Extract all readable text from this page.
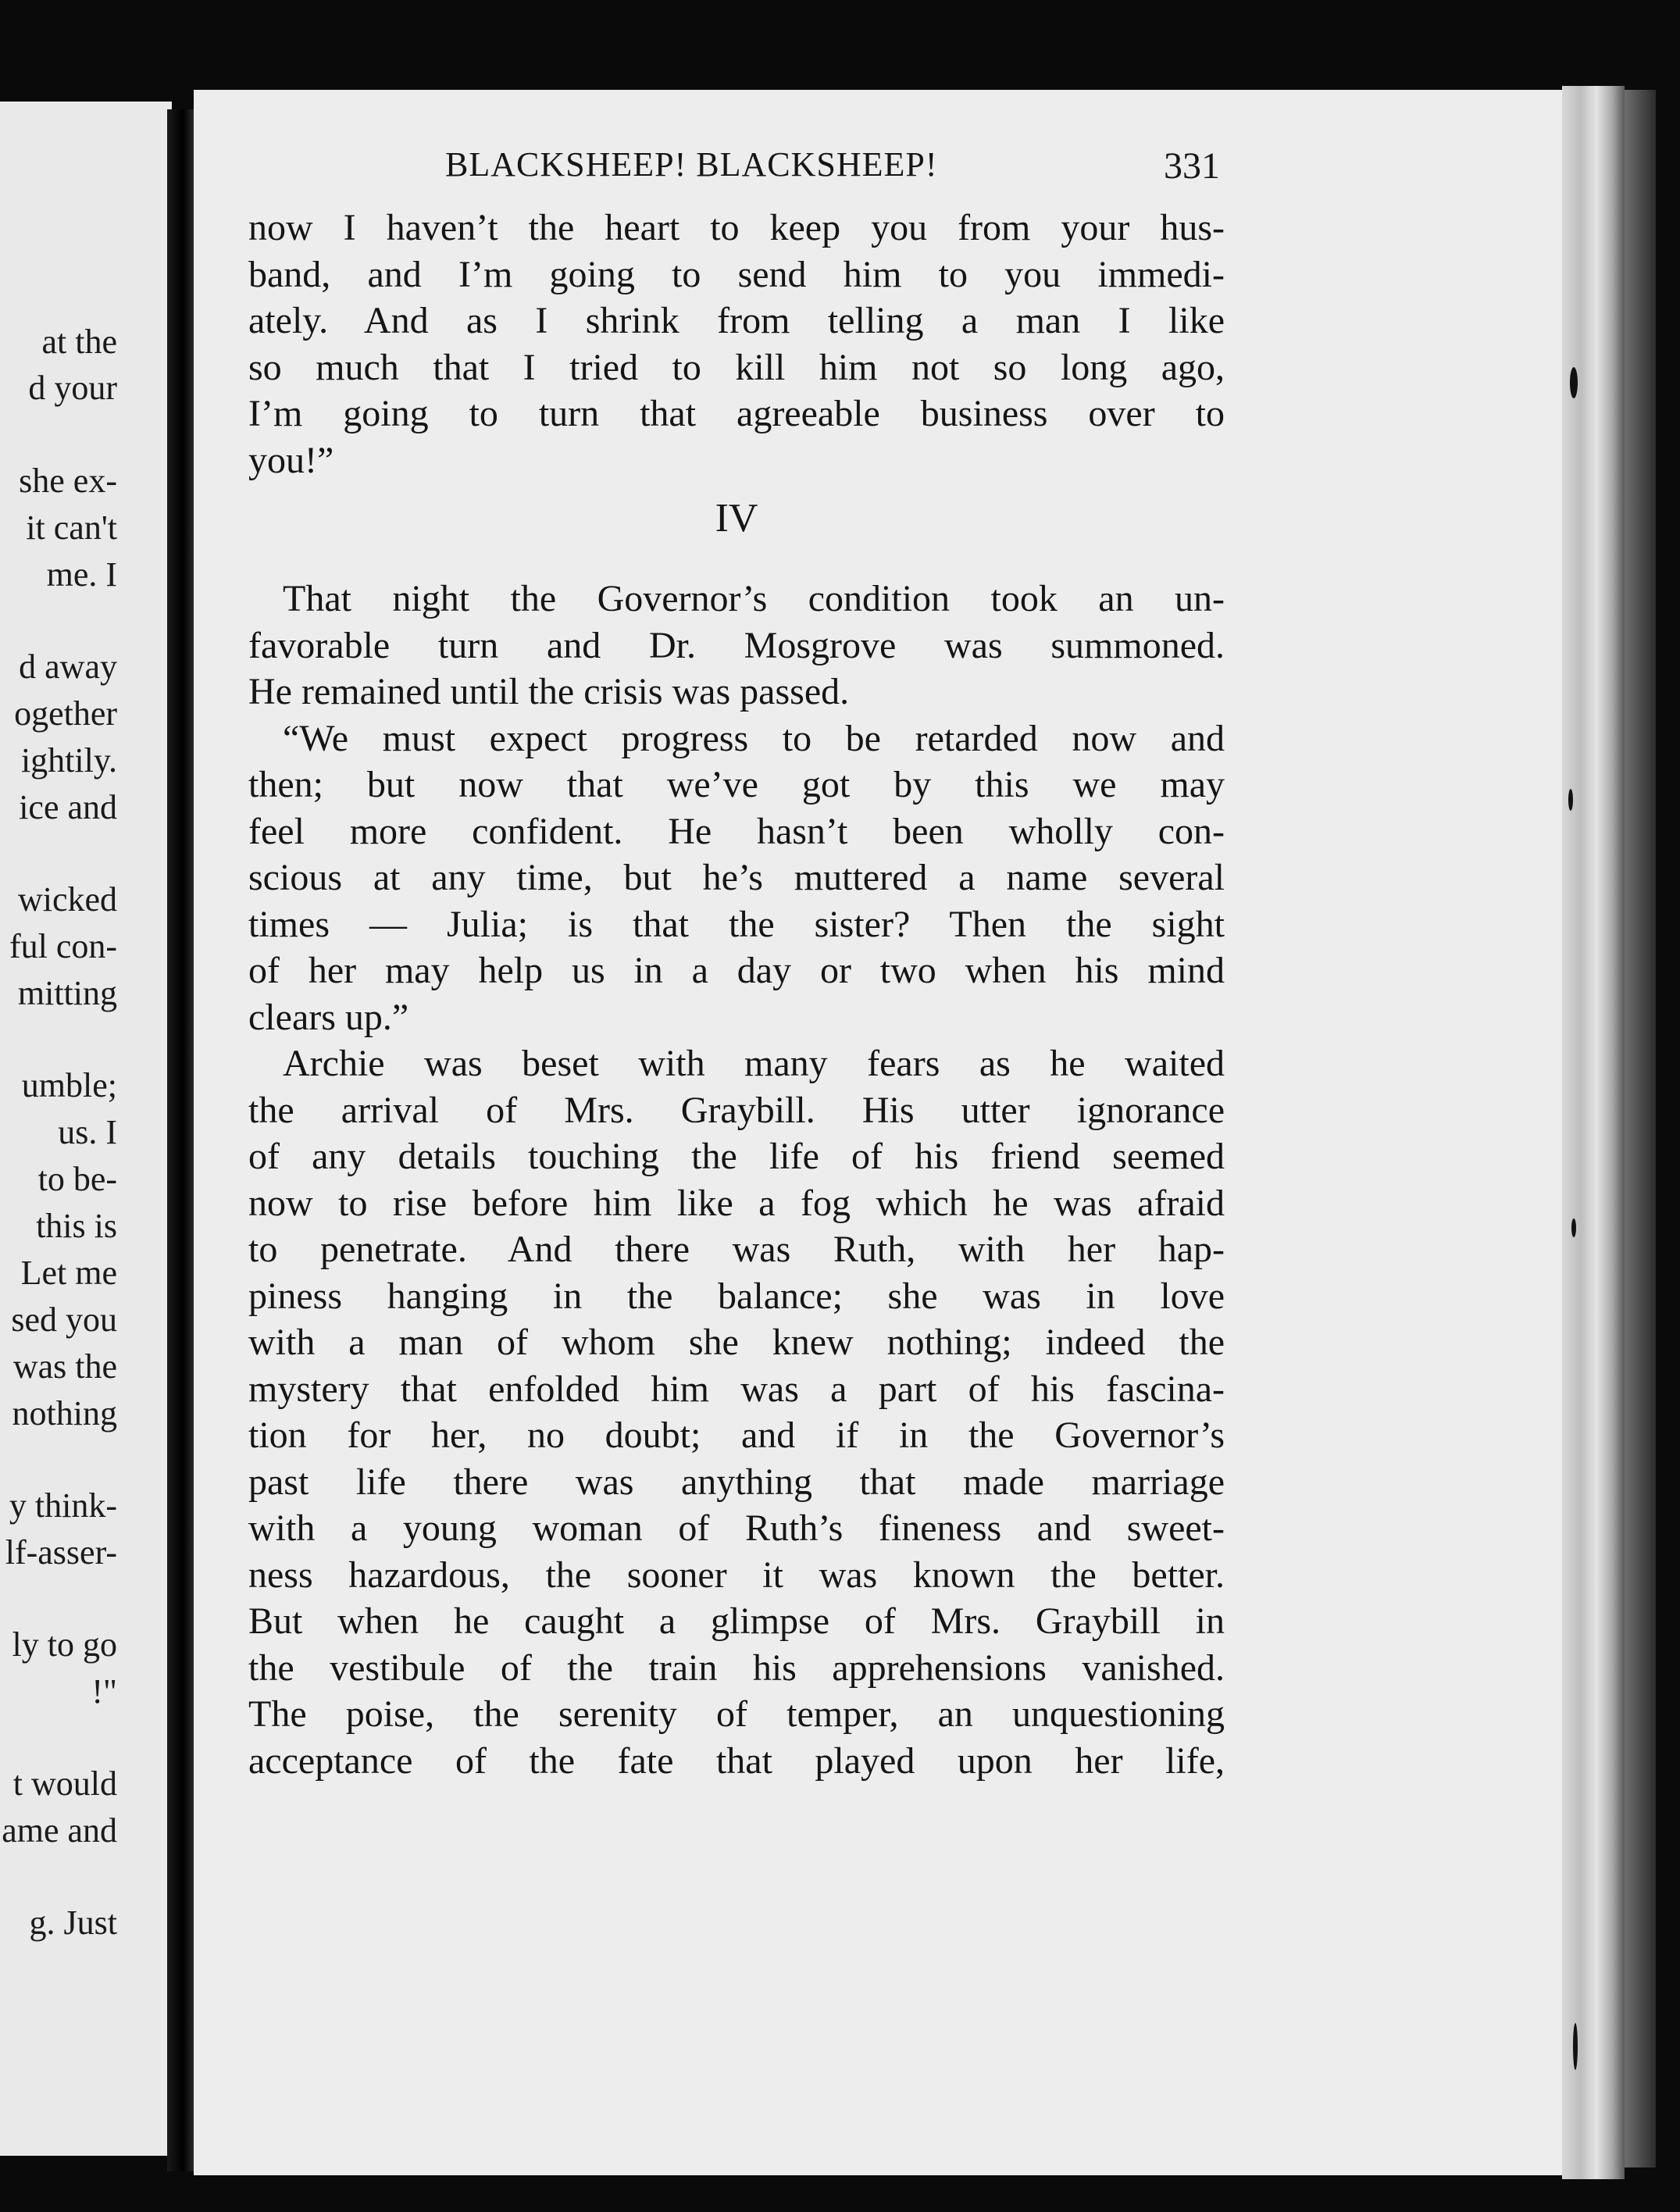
at the
d your
she ex-
it can't
me. I
d away
ogether
ightily.
ice and
wicked
ful con-
mitting
umble;
us. I
to be-
this is
Let me
sed you
was the
nothing
y think-
lf-asser-
ly to go
!"
t would
ame and
g. Just
BLACKSHEEP! BLACKSHEEP!	331
now I haven’t the heart to keep you from your hus-
band, and I’m going to send him to you immedi-
ately. And as I shrink from telling a man I like
so much that I tried to kill him not so long ago,
I’m going to turn that agreeable business over to
you!”
IV
That night the Governor’s condition took an un-
favorable turn and Dr. Mosgrove was summoned.
He remained until the crisis was passed.
“We must expect progress to be retarded now and
then; but now that we’ve got by this we may
feel more confident. He hasn’t been wholly con-
scious at any time, but he’s muttered a name several
times — Julia; is that the sister? Then the sight
of her may help us in a day or two when his mind
clears up.”
Archie was beset with many fears as he waited
the arrival of Mrs. Graybill. His utter ignorance
of any details touching the life of his friend seemed
now to rise before him like a fog which he was afraid
to penetrate. And there was Ruth, with her hap-
piness hanging in the balance; she was in love
with a man of whom she knew nothing; indeed the
mystery that enfolded him was a part of his fascina-
tion for her, no doubt; and if in the Governor’s
past life there was anything that made marriage
with a young woman of Ruth’s fineness and sweet-
ness hazardous, the sooner it was known the better.
But when he caught a glimpse of Mrs. Graybill in
the vestibule of the train his apprehensions vanished.
The poise, the serenity of temper, an unquestioning
acceptance of the fate that played upon her life,
